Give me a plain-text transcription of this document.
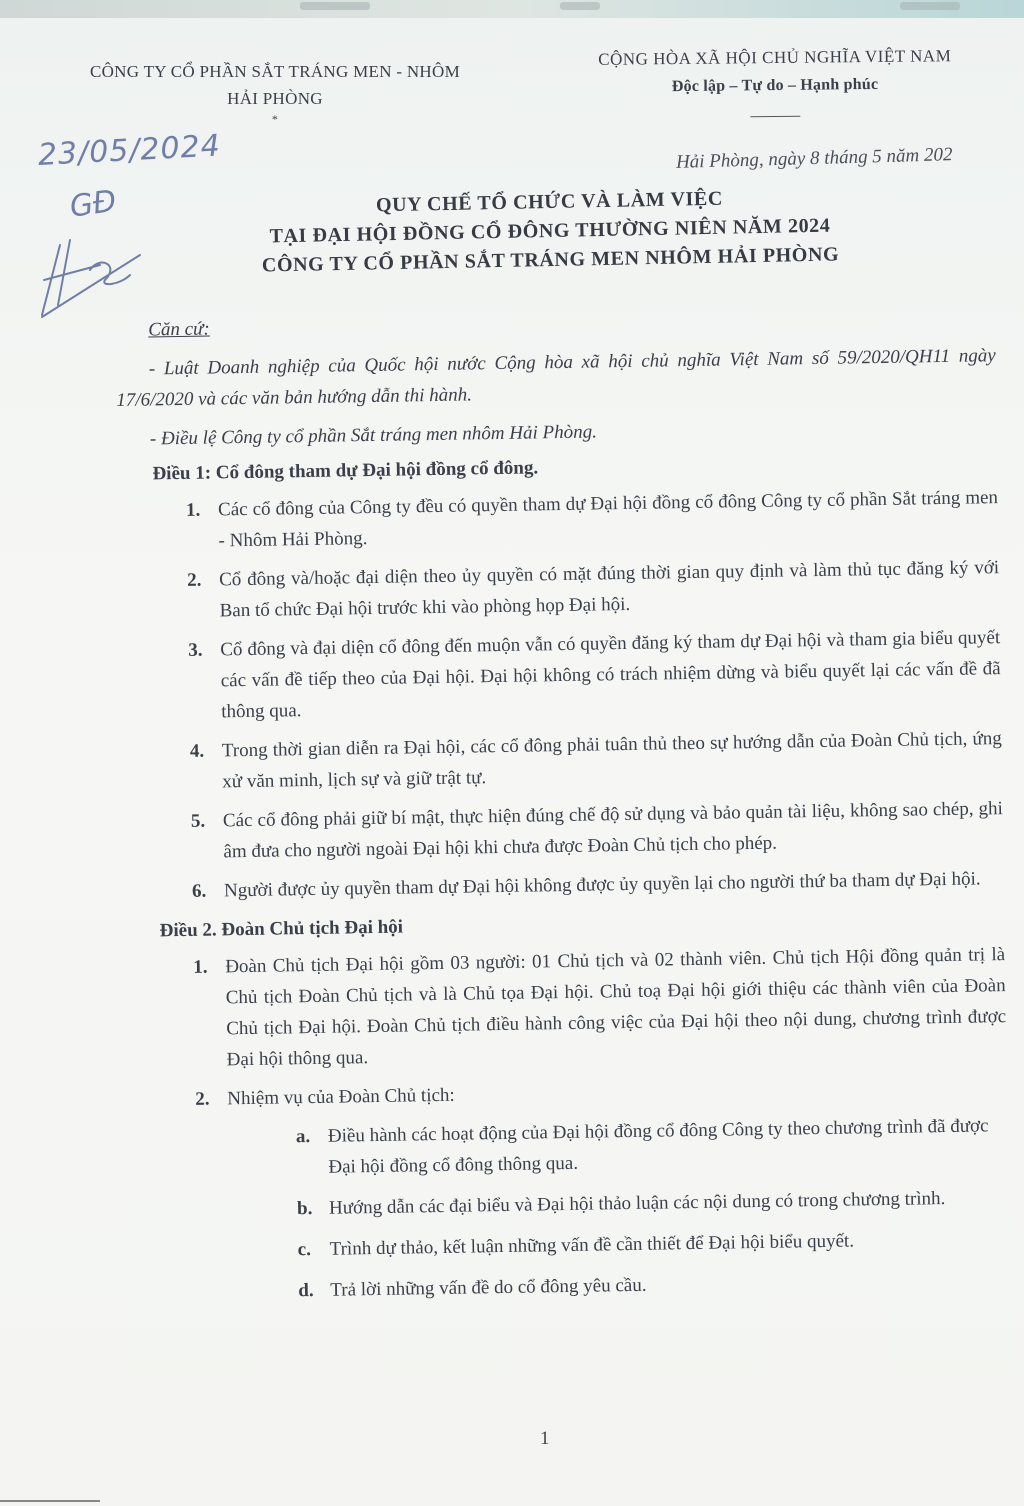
CÔNG TY CỔ PHẦN SẮT TRÁNG MEN - NHÔM
HẢI PHÒNG
*
CỘNG HÒA XÃ HỘI CHỦ NGHĨA VIỆT NAM
Độc lập – Tự do – Hạnh phúc
23/05/2024
GĐ
Hải Phòng, ngày 8 tháng 5 năm 202
QUY CHẾ TỔ CHỨC VÀ LÀM VIỆC
TẠI ĐẠI HỘI ĐỒNG CỔ ĐÔNG THƯỜNG NIÊN NĂM 2024
CÔNG TY CỔ PHẦN SẮT TRÁNG MEN NHÔM HẢI PHÒNG
Căn cứ:

- Luật Doanh nghiệp của Quốc hội nước Cộng hòa xã hội chủ nghĩa Việt Nam số 59/2020/QH11 ngày 17/6/2020 và các văn bản hướng dẫn thi hành.

- Điều lệ Công ty cổ phần Sắt tráng men nhôm Hải Phòng.

Điều 1: Cổ đông tham dự Đại hội đồng cổ đông.
1. Các cổ đông của Công ty đều có quyền tham dự Đại hội đồng cổ đông Công ty cổ phần Sắt tráng men - Nhôm Hải Phòng.
2. Cổ đông và/hoặc đại diện theo ủy quyền có mặt đúng thời gian quy định và làm thủ tục đăng ký với Ban tổ chức Đại hội trước khi vào phòng họp Đại hội.
3. Cổ đông và đại diện cổ đông đến muộn vẫn có quyền đăng ký tham dự Đại hội và tham gia biểu quyết các vấn đề tiếp theo của Đại hội. Đại hội không có trách nhiệm dừng và biểu quyết lại các vấn đề đã thông qua.
4. Trong thời gian diễn ra Đại hội, các cổ đông phải tuân thủ theo sự hướng dẫn của Đoàn Chủ tịch, ứng xử văn minh, lịch sự và giữ trật tự.
5. Các cổ đông phải giữ bí mật, thực hiện đúng chế độ sử dụng và bảo quản tài liệu, không sao chép, ghi âm đưa cho người ngoài Đại hội khi chưa được Đoàn Chủ tịch cho phép.
6. Người được ủy quyền tham dự Đại hội không được ủy quyền lại cho người thứ ba tham dự Đại hội.
Điều 2. Đoàn Chủ tịch Đại hội
1. Đoàn Chủ tịch Đại hội gồm 03 người: 01 Chủ tịch và 02 thành viên. Chủ tịch Hội đồng quản trị là Chủ tịch Đoàn Chủ tịch và là Chủ tọa Đại hội. Chủ toạ Đại hội giới thiệu các thành viên của Đoàn Chủ tịch Đại hội. Đoàn Chủ tịch điều hành công việc của Đại hội theo nội dung, chương trình được Đại hội thông qua.
2. Nhiệm vụ của Đoàn Chủ tịch:
a. Điều hành các hoạt động của Đại hội đồng cổ đông Công ty theo chương trình đã được Đại hội đồng cổ đông thông qua.
b. Hướng dẫn các đại biểu và Đại hội thảo luận các nội dung có trong chương trình.
c. Trình dự thảo, kết luận những vấn đề cần thiết để Đại hội biểu quyết.
d. Trả lời những vấn đề do cổ đông yêu cầu.
1
